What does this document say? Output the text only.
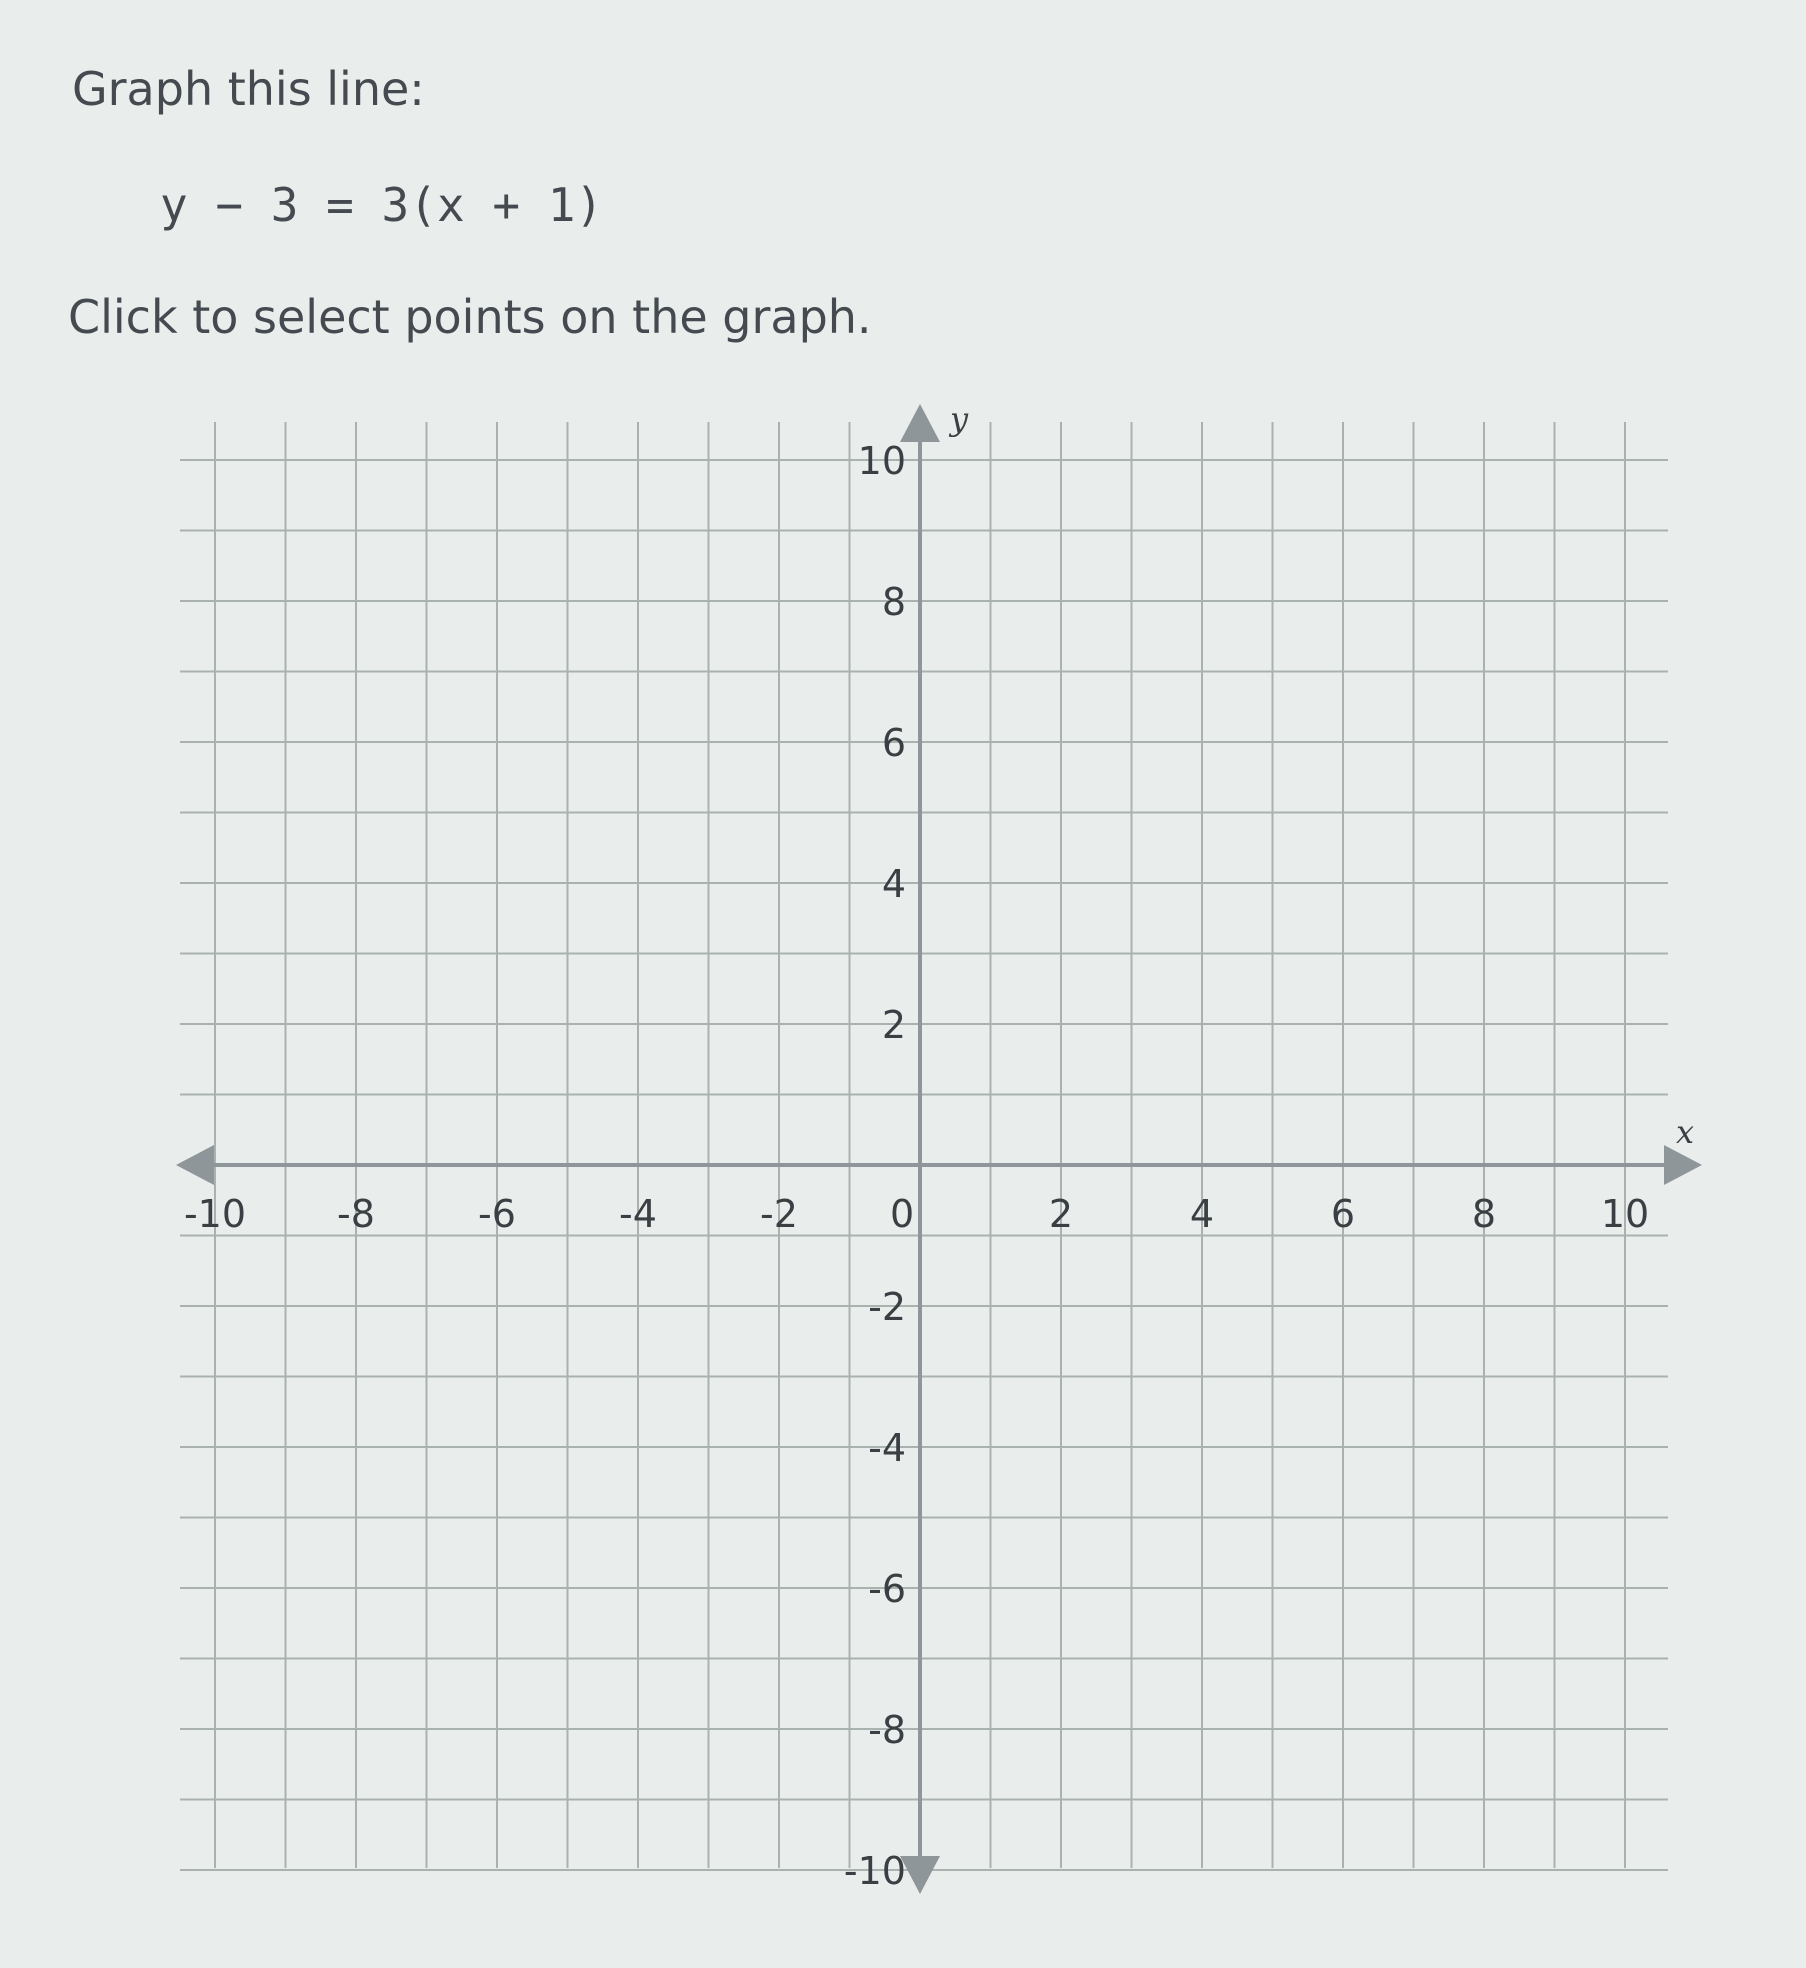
Graph this line:
y − 3 = 3(x + 1)
Click to select points on the graph.
x
y
-10 -8	-6	-4	-2 0	2	4	6	8	10
10
8
6
4
2
-2
-4
-6
-8
-10
